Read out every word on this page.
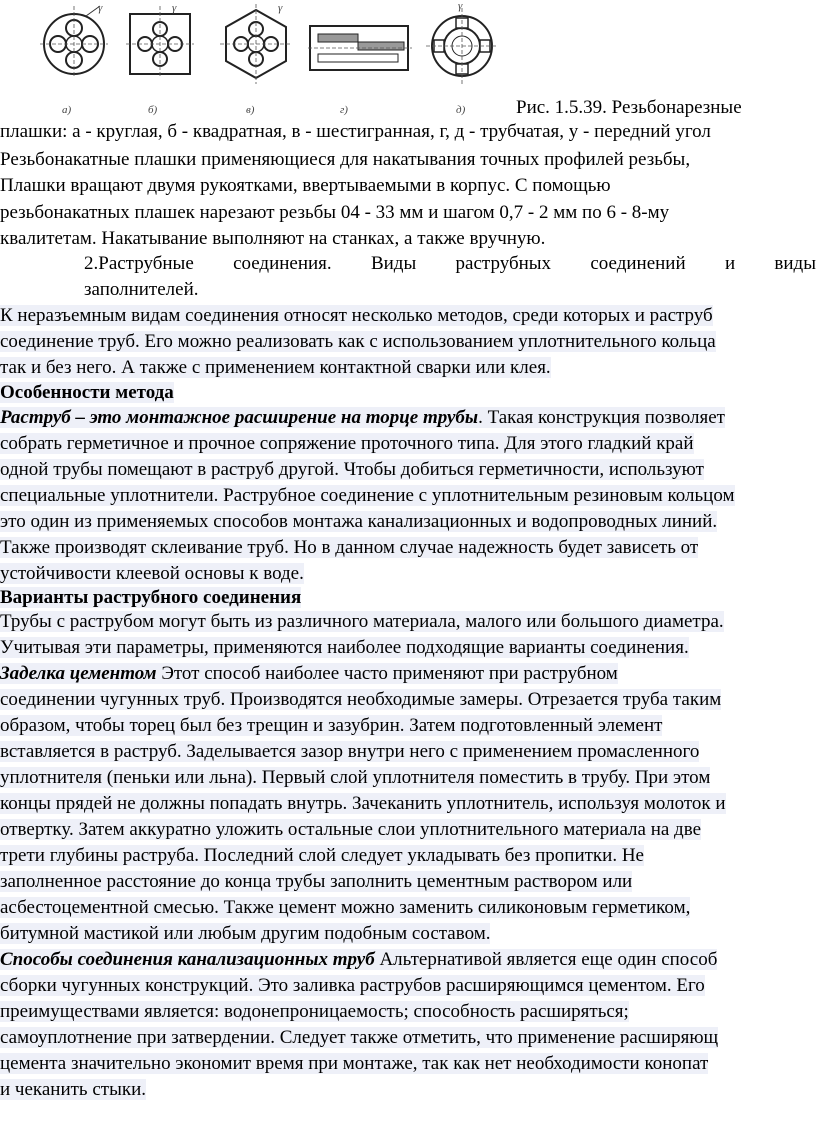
γ
а)
γ
б)
γ
в)	г)
γ
д)	Рис. 1.5.39. Резьбонарезные
плашки: а - круглая, б - квадратная, в - шестигранная, г, д - трубчатая, у - передний угол
Резьбонакатные плашки применяющиеся для накатывания точных профилей резьбы,
Плашки вращают двумя рукоятками, ввертываемыми в корпус. С помощью
резьбонакатных плашек нарезают резьбы 04 - 33 мм и шагом 0,7 - 2 мм по 6 - 8-му
квалитетам. Накатывание выполняют на станках, а также вручную.
2.Раструбные соединения. Виды раструбных соединений и виды
заполнителей.
К неразъемным видам соединения относят несколько методов, среди которых и раструб
соединение труб. Его можно реализовать как с использованием уплотнительного кольца
так и без него. А также с применением контактной сварки или клея.
Особенности метода
Раструб – это монтажное расширение на торце трубы. Такая конструкция позволяет
собрать герметичное и прочное сопряжение проточного типа. Для этого гладкий край
одной трубы помещают в раструб другой. Чтобы добиться герметичности, используют
специальные уплотнители. Раструбное соединение с уплотнительным резиновым кольцом
это один из применяемых способов монтажа канализационных и водопроводных линий.
Также производят склеивание труб. Но в данном случае надежность будет зависеть от
устойчивости клеевой основы к воде.
Варианты раструбного соединения
Трубы с раструбом могут быть из различного материала, малого или большого диаметра.
Учитывая эти параметры, применяются наиболее подходящие варианты соединения.
Заделка цементом Этот способ наиболее часто применяют при раструбном
соединении чугунных труб. Производятся необходимые замеры. Отрезается труба таким
образом, чтобы торец был без трещин и зазубрин. Затем подготовленный элемент
вставляется в раструб. Заделывается зазор внутри него с применением промасленного
уплотнителя (пеньки или льна). Первый слой уплотнителя поместить в трубу. При этом
концы прядей не должны попадать внутрь. Зачеканить уплотнитель, используя молоток и
отвертку. Затем аккуратно уложить остальные слои уплотнительного материала на две
трети глубины раструба. Последний слой следует укладывать без пропитки. Не
заполненное расстояние до конца трубы заполнить цементным раствором или
асбестоцементной смесью. Также цемент можно заменить силиконовым герметиком,
битумной мастикой или любым другим подобным составом.
Способы соединения канализационных труб Альтернативой является еще один способ
сборки чугунных конструкций. Это заливка раструбов расширяющимся цементом. Его
преимуществами является: водонепроницаемость; способность расширяться;
самоуплотнение при затвердении. Следует также отметить, что применение расширяющ
цемента значительно экономит время при монтаже, так как нет необходимости конопат
и чеканить стыки.
